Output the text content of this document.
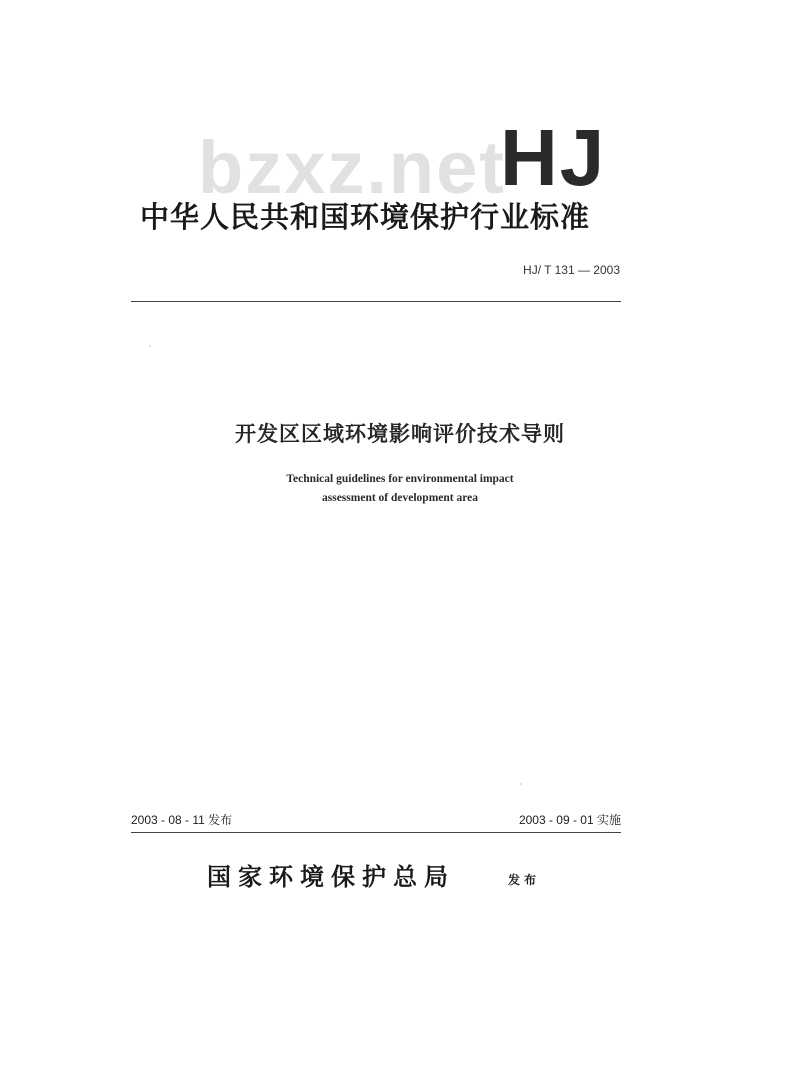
bzxz.net
HJ
中华人民共和国环境保护行业标准
HJ/ T 131 — 2003
开发区区域环境影响评价技术导则
Technical guidelines for environmental impact
assessment of development area
2003 - 08 - 11 发布	2003 - 09 - 01 实施
国家环境保护总局	发布
